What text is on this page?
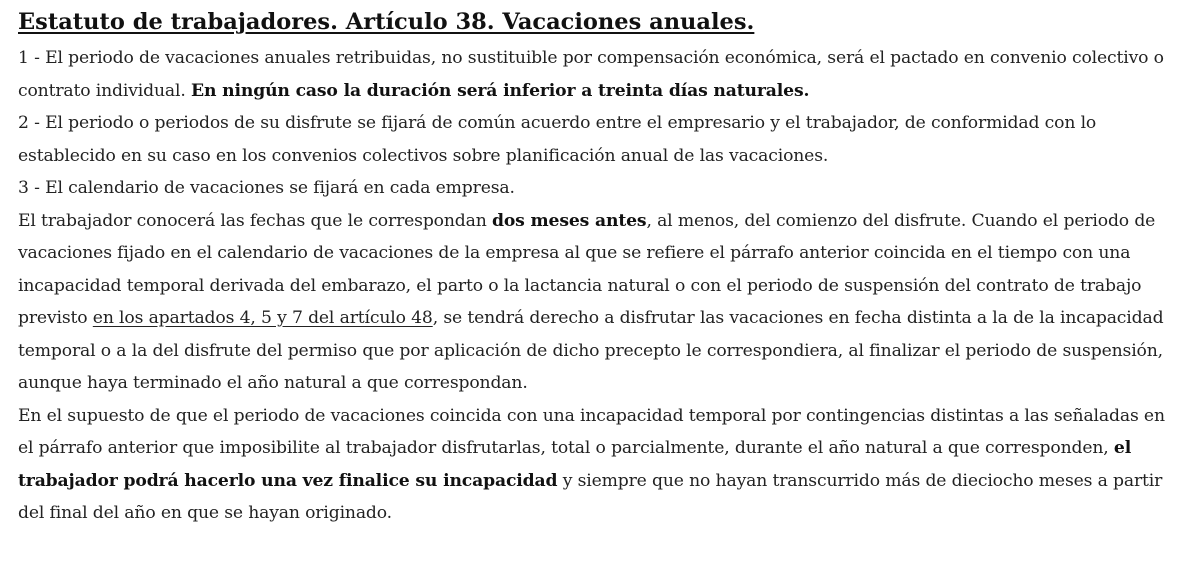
Estatuto de trabajadores. Artículo 38. Vacaciones anuales.

1 - El periodo de vacaciones anuales retribuidas, no sustituible por compensación económica, será el pactado en convenio colectivo o contrato individual. En ningún caso la duración será inferior a treinta días naturales.

2 - El periodo o periodos de su disfrute se fijará de común acuerdo entre el empresario y el trabajador, de conformidad con lo establecido en su caso en los convenios colectivos sobre planificación anual de las vacaciones.

3 - El calendario de vacaciones se fijará en cada empresa.

El trabajador conocerá las fechas que le correspondan dos meses antes, al menos, del comienzo del disfrute. Cuando el periodo de vacaciones fijado en el calendario de vacaciones de la empresa al que se refiere el párrafo anterior coincida en el tiempo con una incapacidad temporal derivada del embarazo, el parto o la lactancia natural o con el periodo de suspensión del contrato de trabajo previsto en los apartados 4, 5 y 7 del artículo 48, se tendrá derecho a disfrutar las vacaciones en fecha distinta a la de la incapacidad temporal o a la del disfrute del permiso que por aplicación de dicho precepto le correspondiera, al finalizar el periodo de suspensión, aunque haya terminado el año natural a que correspondan.

En el supuesto de que el periodo de vacaciones coincida con una incapacidad temporal por contingencias distintas a las señaladas en el párrafo anterior que imposibilite al trabajador disfrutarlas, total o parcialmente, durante el año natural a que corresponden, el trabajador podrá hacerlo una vez finalice su incapacidad y siempre que no hayan transcurrido más de dieciocho meses a partir del final del año en que se hayan originado.
